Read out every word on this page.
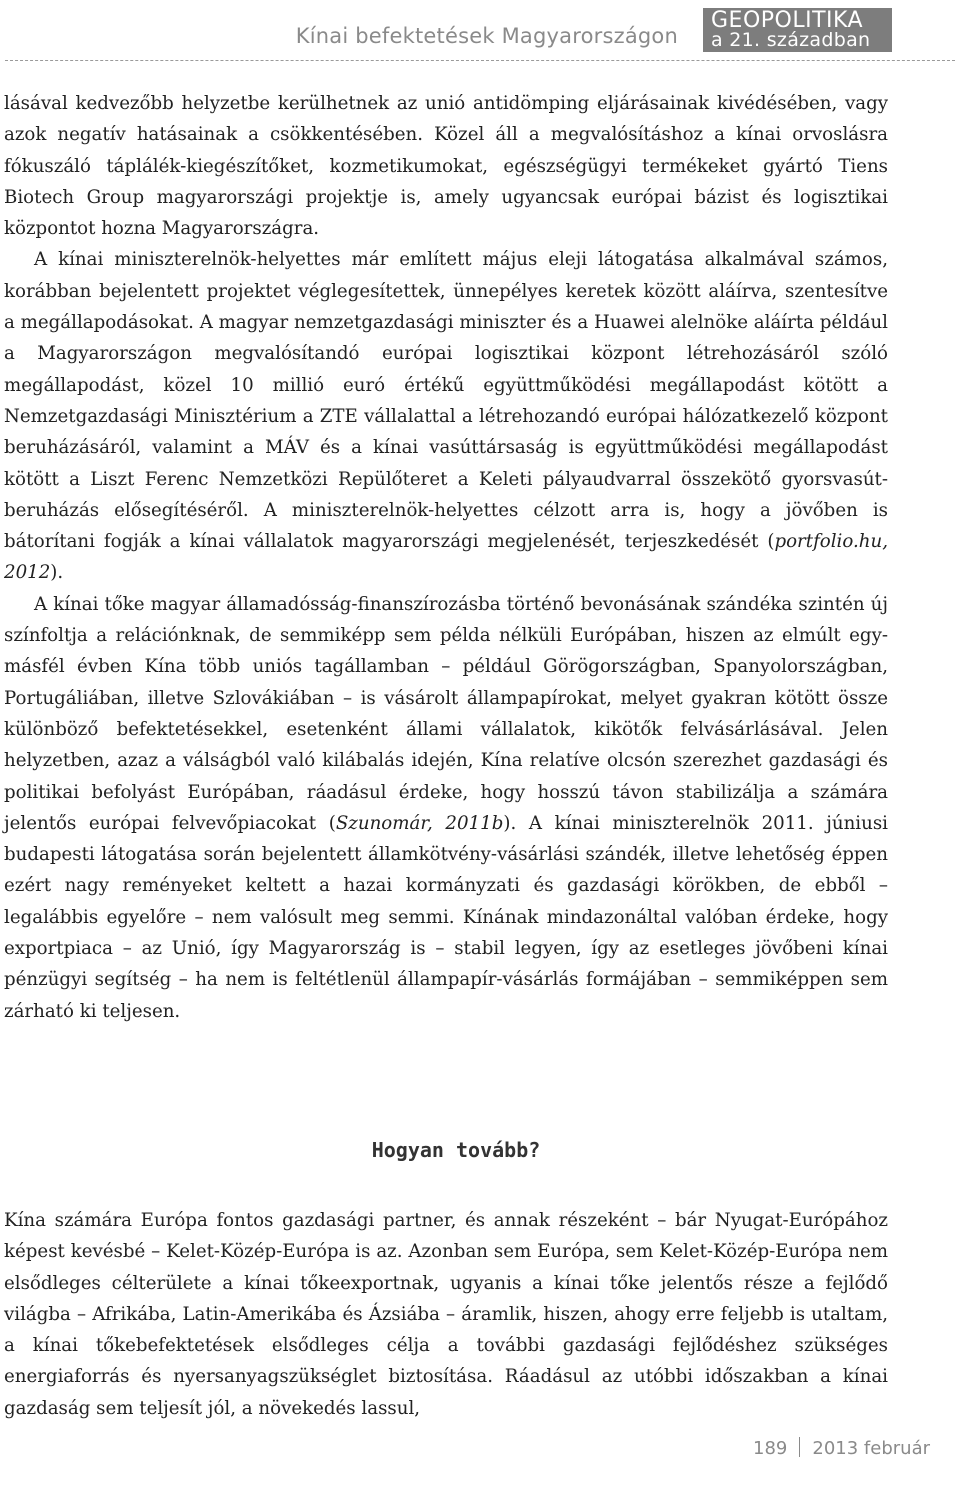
Kínai befektetések Magyarországon
GEOPOLITIKA
a 21. században

lásával kedvezőbb helyzetbe kerülhetnek az unió antidömping eljárásainak kivédésében, vagy azok negatív hatásainak a csökkentésében. Közel áll a megvalósításhoz a kínai orvoslásra fókuszáló táplálék-kiegészítőket, kozmetikumokat, egészségügyi termékeket gyártó Tiens Biotech Group magyarországi projektje is, amely ugyancsak európai bázist és logisztikai központot hozna Magyarországra.

A kínai miniszterelnök-helyettes már említett május eleji látogatása alkalmával számos, korábban bejelentett projektet véglegesítettek, ünnepélyes keretek között aláírva, szentesítve a megállapodásokat. A magyar nemzetgazdasági miniszter és a Huawei alelnöke aláírta például a Magyarországon megvalósítandó európai logisztikai központ létrehozásáról szóló megállapodást, közel 10 millió euró értékű együttműködési megállapodást kötött a Nemzetgazdasági Minisztérium a ZTE vállalattal a létrehozandó európai hálózatkezelő központ beruházásáról, valamint a MÁV és a kínai vasúttársaság is együttműködési megállapodást kötött a Liszt Ferenc Nemzetközi Repülőteret a Keleti pályaudvarral összekötő gyorsvasút-beruházás elősegítéséről. A miniszterelnök-helyettes célzott arra is, hogy a jövőben is bátorítani fogják a kínai vállalatok magyarországi megjelenését, terjeszkedését (portfolio.hu, 2012).

A kínai tőke magyar államadósság-finanszírozásba történő bevonásának szándéka szintén új színfoltja a relációnknak, de semmiképp sem példa nélküli Európában, hiszen az elmúlt egy-másfél évben Kína több uniós tagállamban – például Görögországban, Spanyolországban, Portugáliában, illetve Szlovákiában – is vásárolt állampapírokat, melyet gyakran kötött össze különböző befektetésekkel, esetenként állami vállalatok, kikötők felvásárlásával. Jelen helyzetben, azaz a válságból való kilábalás idején, Kína relatíve olcsón szerezhet gazdasági és politikai befolyást Európában, ráadásul érdeke, hogy hosszú távon stabilizálja a számára jelentős európai felvevőpiacokat (Szunomár, 2011b). A kínai miniszterelnök 2011. júniusi budapesti látogatása során bejelentett államkötvény-vásárlási szándék, illetve lehetőség éppen ezért nagy reményeket keltett a hazai kormányzati és gazdasági körökben, de ebből – legalábbis egyelőre – nem valósult meg semmi. Kínának mindazonáltal valóban érdeke, hogy exportpiaca – az Unió, így Magyarország is – stabil legyen, így az esetleges jövőbeni kínai pénzügyi segítség – ha nem is feltétlenül állampapír-vásárlás formájában – semmiképpen sem zárható ki teljesen.

Hogyan tovább?

Kína számára Európa fontos gazdasági partner, és annak részeként – bár Nyugat-Európához képest kevésbé – Kelet-Közép-Európa is az. Azonban sem Európa, sem Kelet-Közép-Európa nem elsődleges célterülete a kínai tőkeexportnak, ugyanis a kínai tőke jelentős része a fejlődő világba – Afrikába, Latin-Amerikába és Ázsiába – áramlik, hiszen, ahogy erre feljebb is utaltam, a kínai tőkebefektetések elsődleges célja a további gazdasági fejlődéshez szükséges energiaforrás és nyersanyagszükséglet biztosítása. Ráadásul az utóbbi időszakban a kínai gazdaság sem teljesít jól, a növekedés lassul,

189 2013 február
